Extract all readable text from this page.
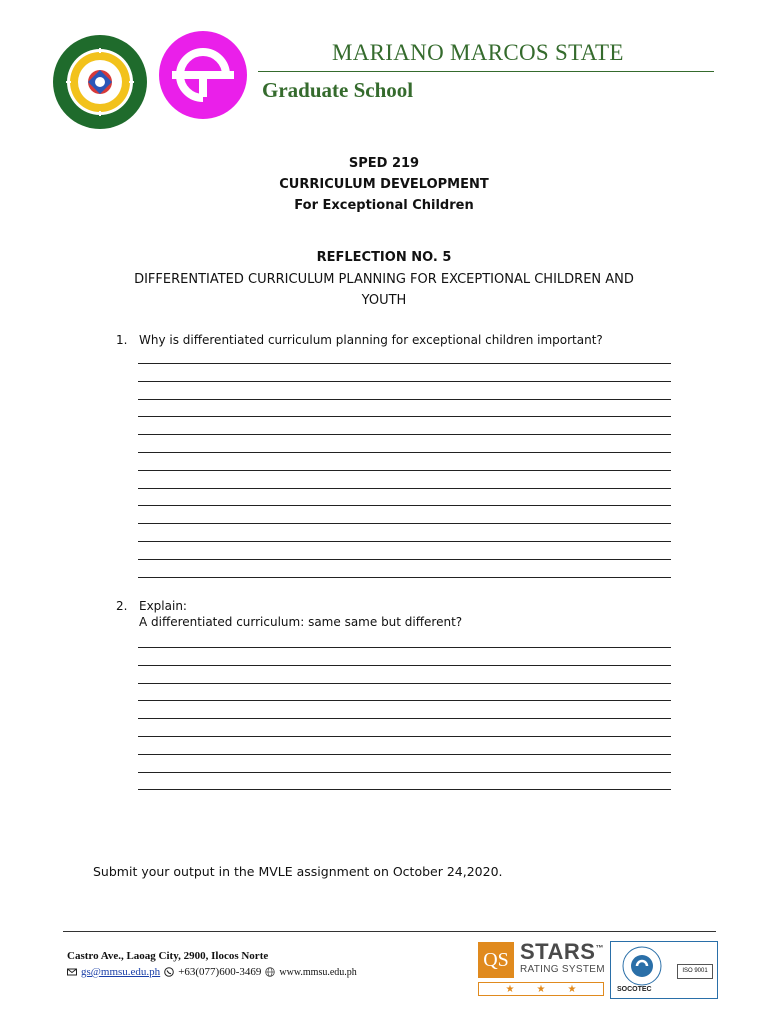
MARIANO MARCOS STATE
Graduate School
SPED 219
CURRICULUM DEVELOPMENT
For Exceptional Children
REFLECTION NO. 5
DIFFERENTIATED CURRICULUM PLANNING FOR EXCEPTIONAL CHILDREN AND
YOUTH
1. Why is differentiated curriculum planning for exceptional children important?
2. Explain:
A differentiated curriculum: same same but different?
Submit your output in the MVLE assignment on October 24,2020.
Castro Ave., Laoag City, 2900, Ilocos Norte
gs@mmsu.edu.ph +63(077)600-3469 www.mmsu.edu.ph
QS STARS™
RATING SYSTEM
★ ★ ★
ISO 9001
SOCOTEC
